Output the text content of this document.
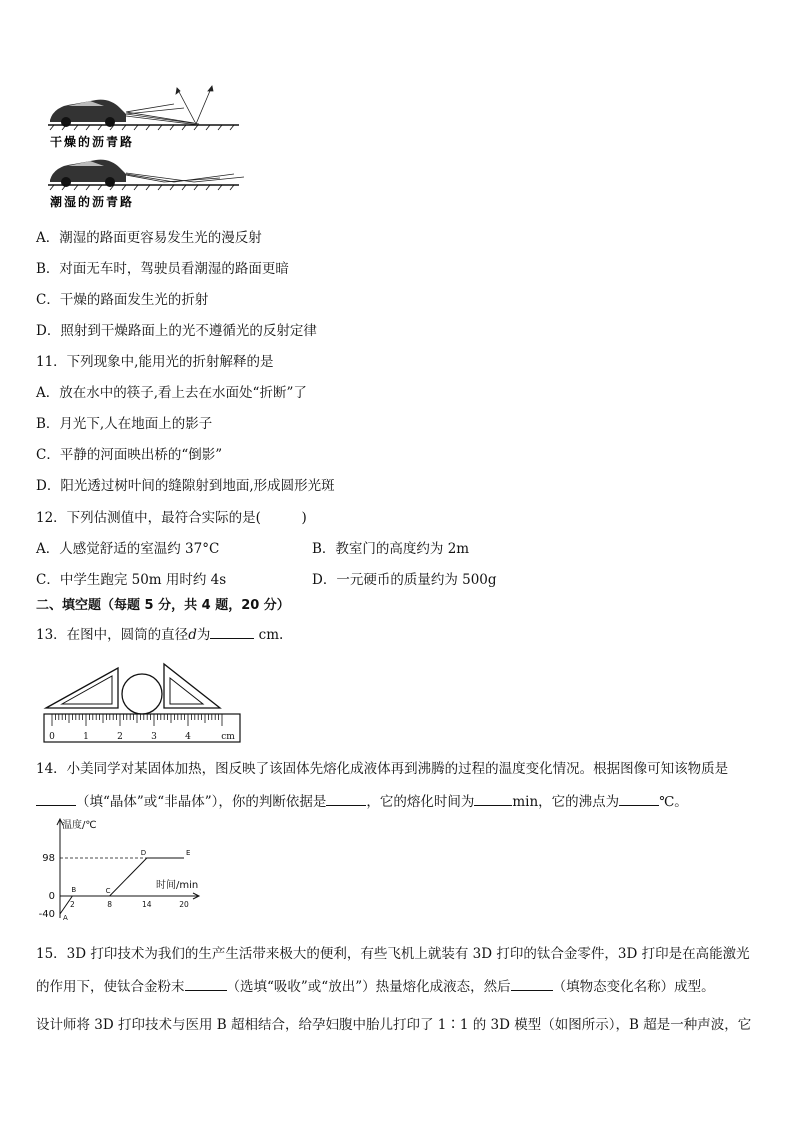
干燥的沥青路
潮湿的沥青路
A．潮湿的路面更容易发生光的漫反射
B．对面无车时，驾驶员看潮湿的路面更暗
C．干燥的路面发生光的折射
D．照射到干燥路面上的光不遵循光的反射定律
11．下列现象中,能用光的折射解释的是
A．放在水中的筷子,看上去在水面处“折断”了
B．月光下,人在地面上的影子
C．平静的河面映出桥的“倒影”
D．阳光透过树叶间的缝隙射到地面,形成圆形光斑
12．下列估测值中，最符合实际的是(　　　)
A．人感觉舒适的室温约 37°C	B．教室门的高度约为 2m
C．中学生跑完 50m 用时约 4s	D．一元硬币的质量约为 500g
二、填空题（每题 5 分，共 4 题，20 分）
13．在图中，圆筒的直径d为	cm.
0	1	2	3	4	cm
14．小美同学对某固体加热，图反映了该固体先熔化成液体再到沸腾的过程的温度变化情况。根据图像可知该物质是
（填“晶体”或“非晶体”），你的判断依据是	，它的熔化时间为	min，它的沸点为	℃。
温度/℃
时间/min
98
0
-40
2	8	14	20
A
B	C
D	E
15．3D 打印技术为我们的生产生活带来极大的便利，有些飞机上就装有 3D 打印的钛合金零件，3D 打印是在高能激光
的作用下，使钛合金粉末	（选填“吸收”或“放出”）热量熔化成液态，然后	（填物态变化名称）成型。
设计师将 3D 打印技术与医用 B 超相结合，给孕妇腹中胎儿打印了 1∶1 的 3D 模型（如图所示），B 超是一种声波，它
